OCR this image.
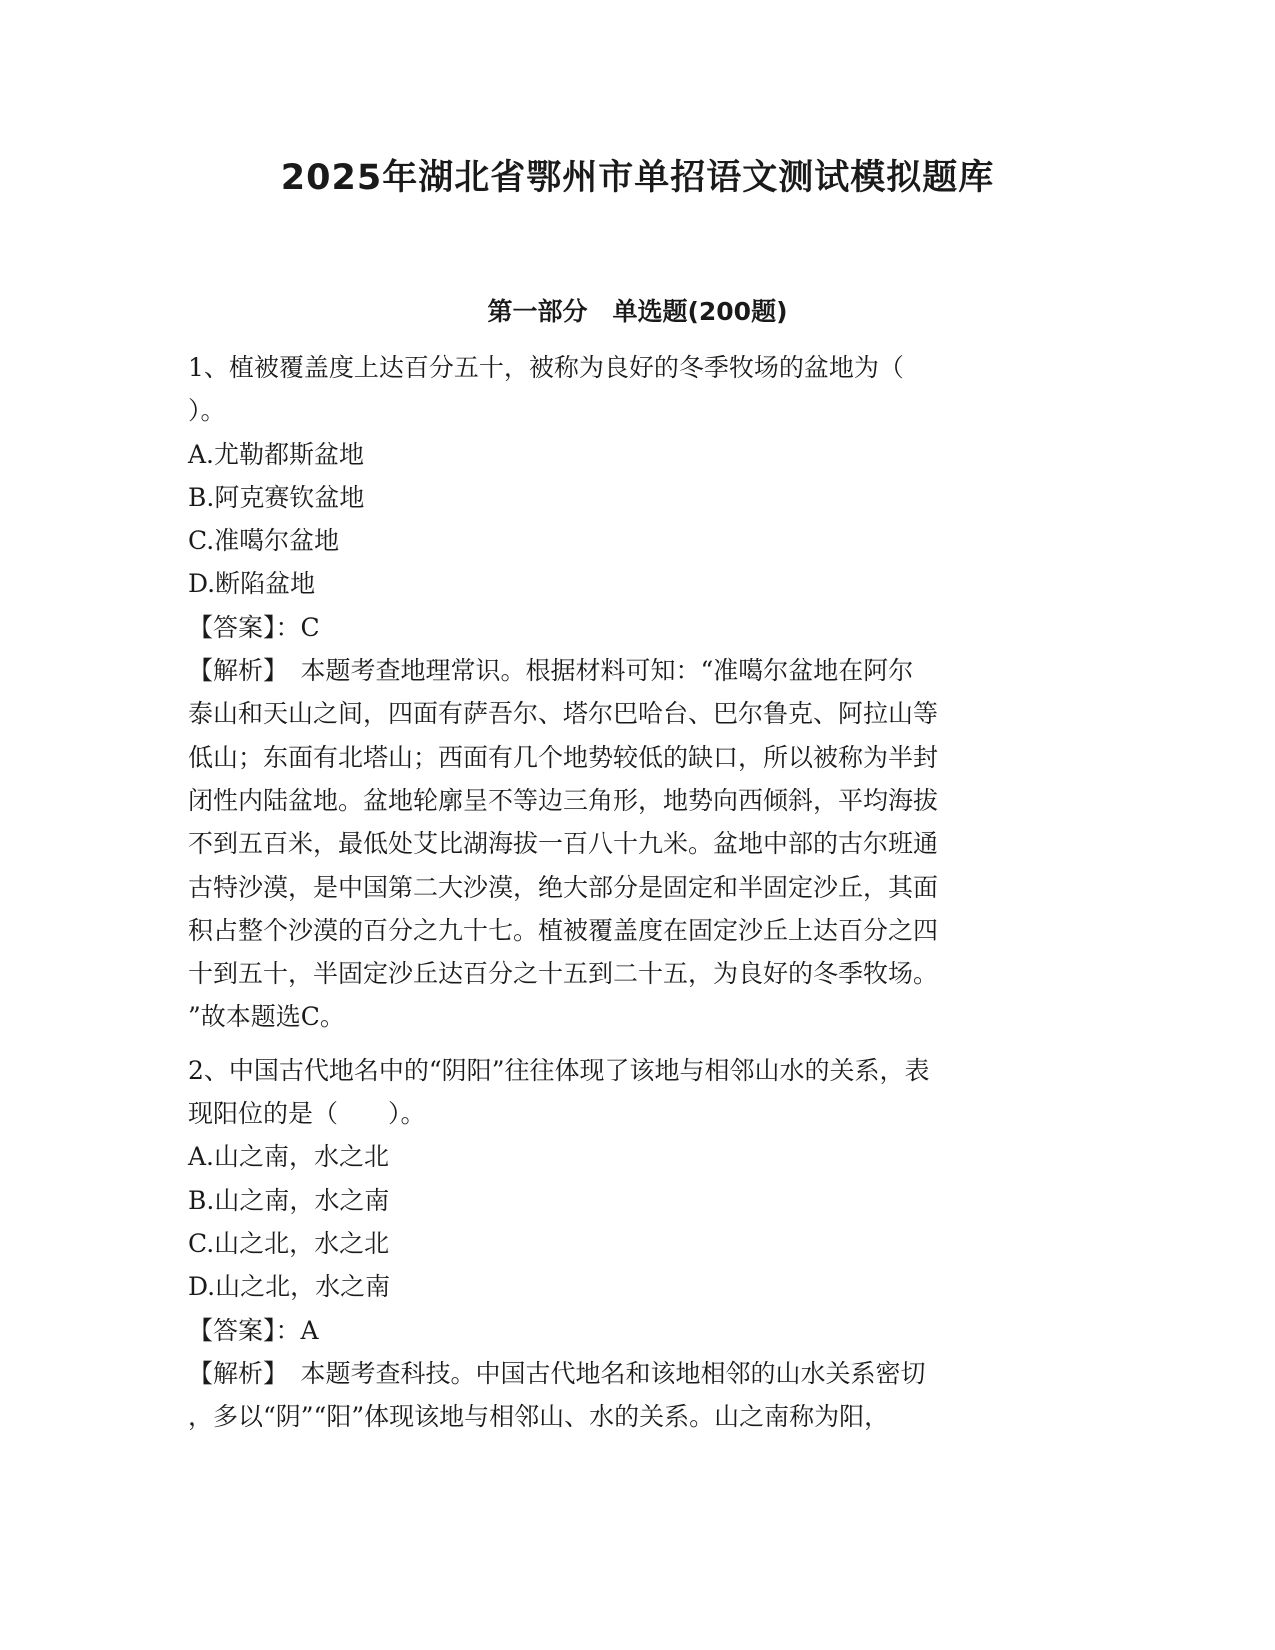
2025年湖北省鄂州市单招语文测试模拟题库
第一部分　单选题(200题)
1、植被覆盖度上达百分五十，被称为良好的冬季牧场的盆地为（
）。
A.尤勒都斯盆地
B.阿克赛钦盆地
C.准噶尔盆地
D.断陷盆地
【答案】：C
【解析】　本题考查地理常识。根据材料可知：“准噶尔盆地在阿尔
泰山和天山之间，四面有萨吾尔、塔尔巴哈台、巴尔鲁克、阿拉山等
低山；东面有北塔山；西面有几个地势较低的缺口，所以被称为半封
闭性内陆盆地。盆地轮廓呈不等边三角形，地势向西倾斜，平均海拔
不到五百米，最低处艾比湖海拔一百八十九米。盆地中部的古尔班通
古特沙漠，是中国第二大沙漠，绝大部分是固定和半固定沙丘，其面
积占整个沙漠的百分之九十七。植被覆盖度在固定沙丘上达百分之四
十到五十，半固定沙丘达百分之十五到二十五，为良好的冬季牧场。
”故本题选C。
2、中国古代地名中的“阴阳”往往体现了该地与相邻山水的关系，表
现阳位的是（　　）。
A.山之南，水之北
B.山之南，水之南
C.山之北，水之北
D.山之北，水之南
【答案】：A
【解析】　本题考查科技。中国古代地名和该地相邻的山水关系密切
，多以“阴”“阳”体现该地与相邻山、水的关系。山之南称为阳，
